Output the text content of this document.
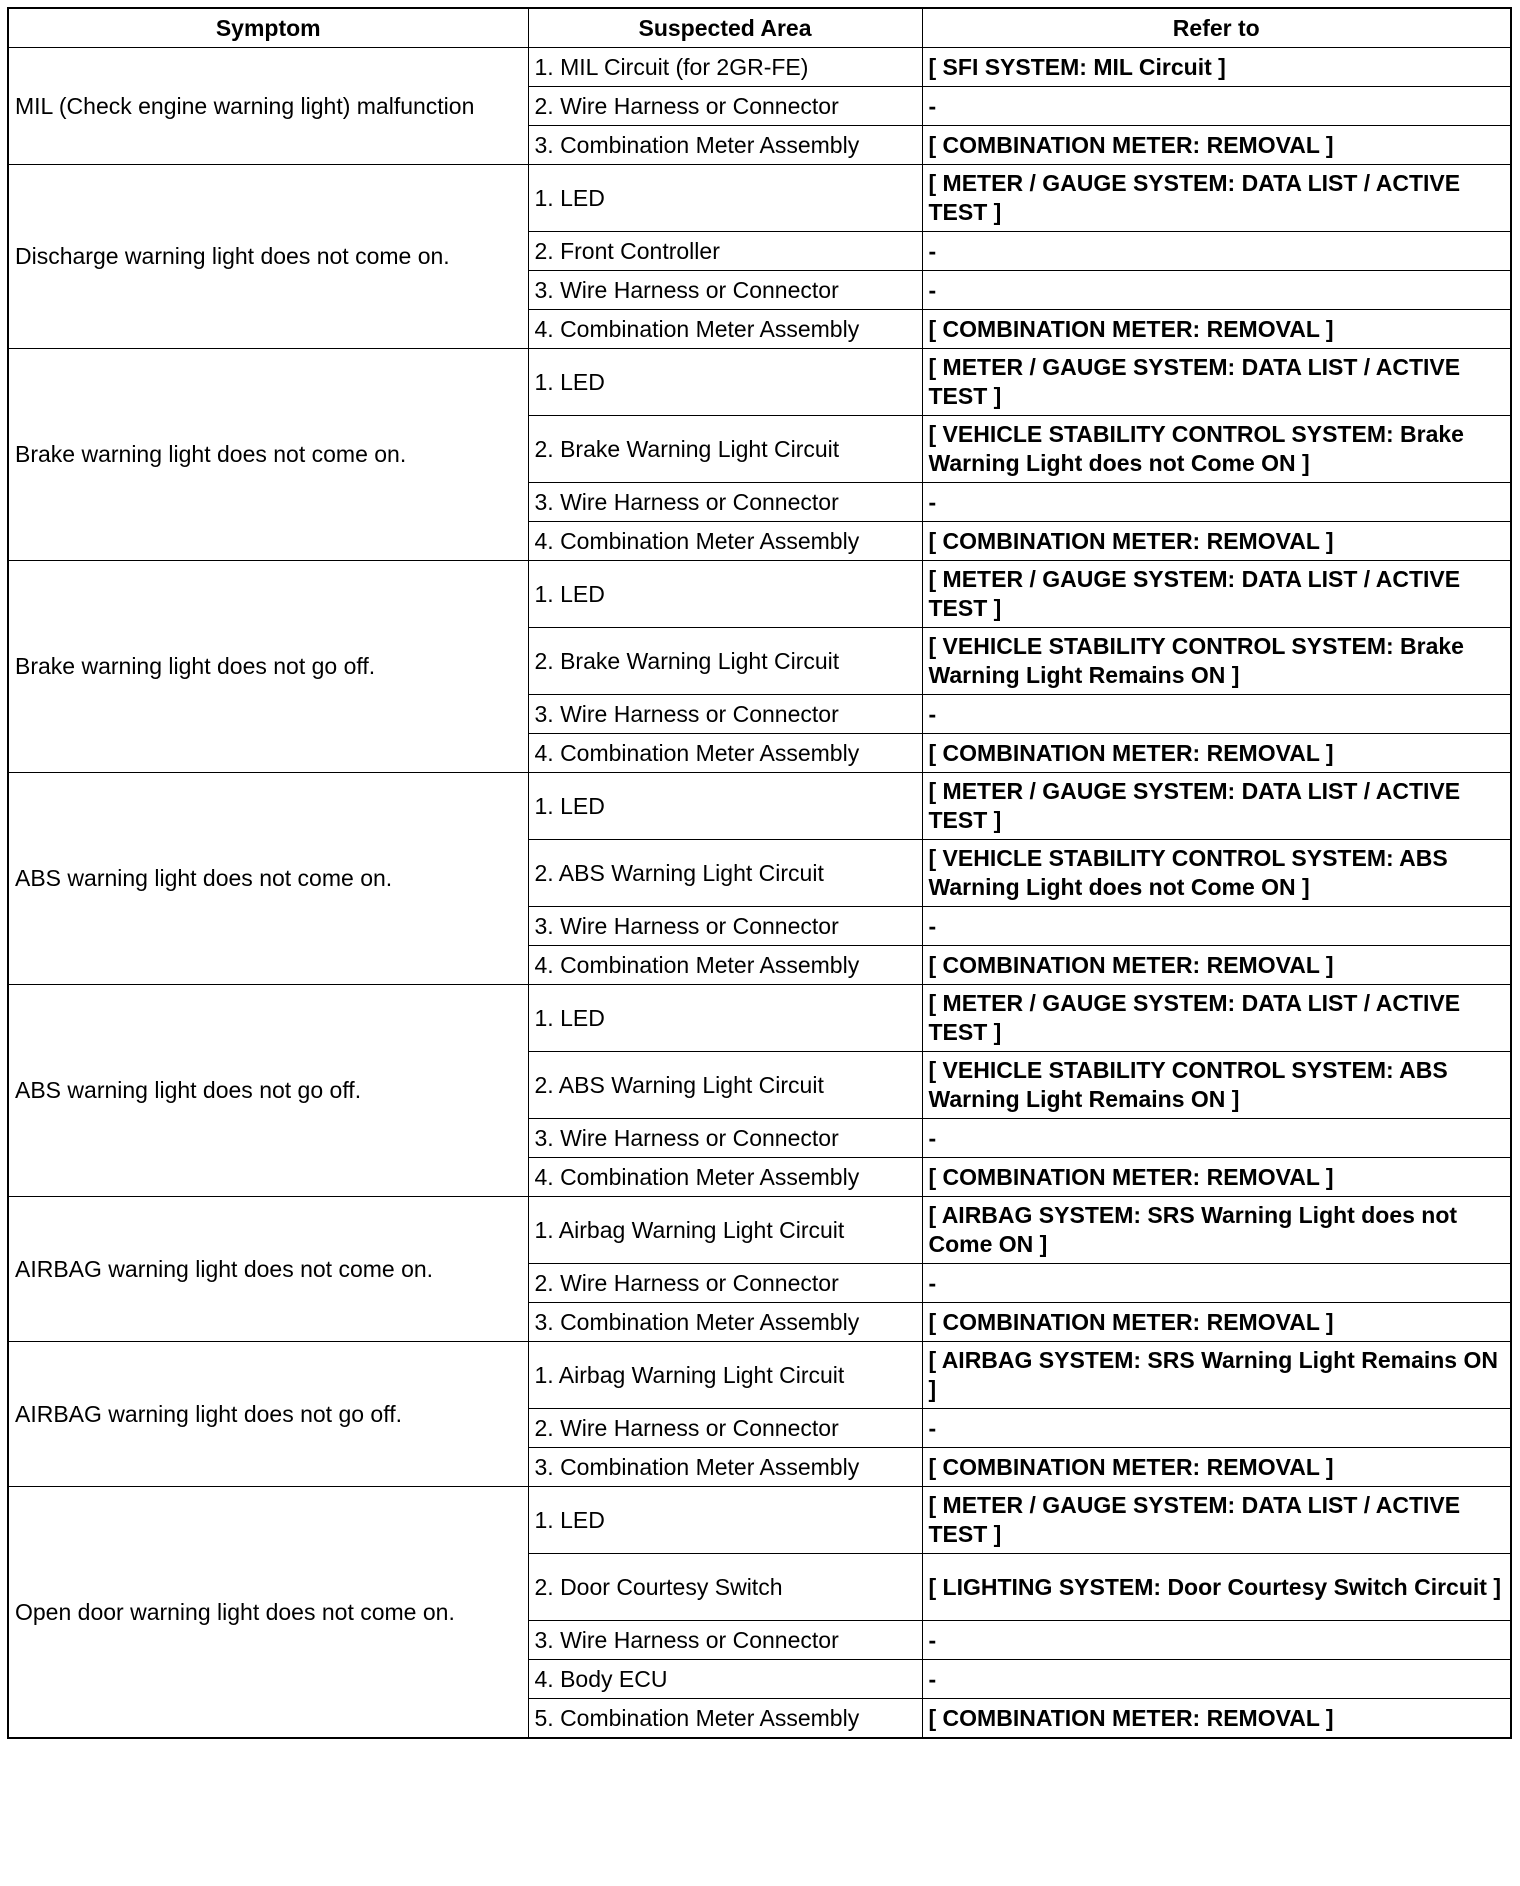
Symptom	Suspected Area	Refer to
MIL (Check engine warning light) malfunction	1. MIL Circuit (for 2GR-FE)	[ SFI SYSTEM: MIL Circuit ]
	2. Wire Harness or Connector	-
	3. Combination Meter Assembly	[ COMBINATION METER: REMOVAL ]
Discharge warning light does not come on.	1. LED	[ METER / GAUGE SYSTEM: DATA LIST / ACTIVE TEST ]
	2. Front Controller	-
	3. Wire Harness or Connector	-
	4. Combination Meter Assembly	[ COMBINATION METER: REMOVAL ]
Brake warning light does not come on.	1. LED	[ METER / GAUGE SYSTEM: DATA LIST / ACTIVE TEST ]
	2. Brake Warning Light Circuit	[ VEHICLE STABILITY CONTROL SYSTEM: Brake Warning Light does not Come ON ]
	3. Wire Harness or Connector	-
	4. Combination Meter Assembly	[ COMBINATION METER: REMOVAL ]
Brake warning light does not go off.	1. LED	[ METER / GAUGE SYSTEM: DATA LIST / ACTIVE TEST ]
	2. Brake Warning Light Circuit	[ VEHICLE STABILITY CONTROL SYSTEM: Brake Warning Light Remains ON ]
	3. Wire Harness or Connector	-
	4. Combination Meter Assembly	[ COMBINATION METER: REMOVAL ]
ABS warning light does not come on.	1. LED	[ METER / GAUGE SYSTEM: DATA LIST / ACTIVE TEST ]
	2. ABS Warning Light Circuit	[ VEHICLE STABILITY CONTROL SYSTEM: ABS Warning Light does not Come ON ]
	3. Wire Harness or Connector	-
	4. Combination Meter Assembly	[ COMBINATION METER: REMOVAL ]
ABS warning light does not go off.	1. LED	[ METER / GAUGE SYSTEM: DATA LIST / ACTIVE TEST ]
	2. ABS Warning Light Circuit	[ VEHICLE STABILITY CONTROL SYSTEM: ABS Warning Light Remains ON ]
	3. Wire Harness or Connector	-
	4. Combination Meter Assembly	[ COMBINATION METER: REMOVAL ]
AIRBAG warning light does not come on.	1. Airbag Warning Light Circuit	[ AIRBAG SYSTEM: SRS Warning Light does not Come ON ]
	2. Wire Harness or Connector	-
	3. Combination Meter Assembly	[ COMBINATION METER: REMOVAL ]
AIRBAG warning light does not go off.	1. Airbag Warning Light Circuit	[ AIRBAG SYSTEM: SRS Warning Light Remains ON ]
	2. Wire Harness or Connector	-
	3. Combination Meter Assembly	[ COMBINATION METER: REMOVAL ]
Open door warning light does not come on.	1. LED	[ METER / GAUGE SYSTEM: DATA LIST / ACTIVE TEST ]
	2. Door Courtesy Switch	[ LIGHTING SYSTEM: Door Courtesy Switch Circuit ]
	3. Wire Harness or Connector	-
	4. Body ECU	-
	5. Combination Meter Assembly	[ COMBINATION METER: REMOVAL ]
